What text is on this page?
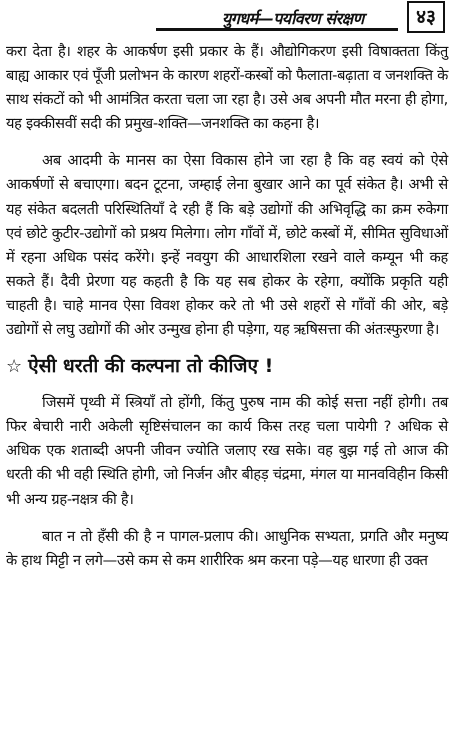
युगधर्म—पर्यावरण संरक्षण	४३

करा देता है। शहर के आकर्षण इसी प्रकार के हैं। औद्योगिकरण इसी विषाक्तता किंतु बाह्य आकार एवं पूँजी प्रलोभन के कारण शहरों-कस्बों को फैलाता-बढ़ाता व जनशक्ति के साथ संकटों को भी आमंत्रित करता चला जा रहा है। उसे अब अपनी मौत मरना ही होगा, यह इक्कीसवीं सदी की प्रमुख-शक्ति—जनशक्ति का कहना है।

अब आदमी के मानस का ऐसा विकास होने जा रहा है कि वह स्वयं को ऐसे आकर्षणों से बचाएगा। बदन टूटना, जम्हाई लेना बुखार आने का पूर्व संकेत है। अभी से यह संकेत बदलती परिस्थितियाँ दे रही हैं कि बड़े उद्योगों की अभिवृद्धि का क्रम रुकेगा एवं छोटे कुटीर-उद्योगों को प्रश्रय मिलेगा। लोग गाँवों में, छोटे कस्बों में, सीमित सुविधाओं में रहना अधिक पसंद करेंगे। इन्हें नवयुग की आधारशिला रखने वाले कम्यून भी कह सकते हैं। दैवी प्रेरणा यह कहती है कि यह सब होकर के रहेगा, क्योंकि प्रकृति यही चाहती है। चाहे मानव ऐसा विवश होकर करे तो भी उसे शहरों से गाँवों की ओर, बड़े उद्योगों से लघु उद्योगों की ओर उन्मुख होना ही पड़ेगा, यह ऋषिसत्ता की अंतःस्फुरणा है।

☆ ऐसी धरती की कल्पना तो कीजिए !

जिसमें पृथ्वी में स्त्रियाँ तो होंगी, किंतु पुरुष नाम की कोई सत्ता नहीं होगी। तब फिर बेचारी नारी अकेली सृष्टिसंचालन का कार्य किस तरह चला पायेगी ? अधिक से अधिक एक शताब्दी अपनी जीवन ज्योति जलाए रख सके। वह बुझ गई तो आज की धरती की भी वही स्थिति होगी, जो निर्जन और बीहड़ चंद्रमा, मंगल या मानवविहीन किसी भी अन्य ग्रह-नक्षत्र की है।

बात न तो हँसी की है न पागल-प्रलाप की। आधुनिक सभ्यता, प्रगति और मनुष्य के हाथ मिट्टी न लगे—उसे कम से कम शारीरिक श्रम करना पड़े—यह धारणा ही उक्त
